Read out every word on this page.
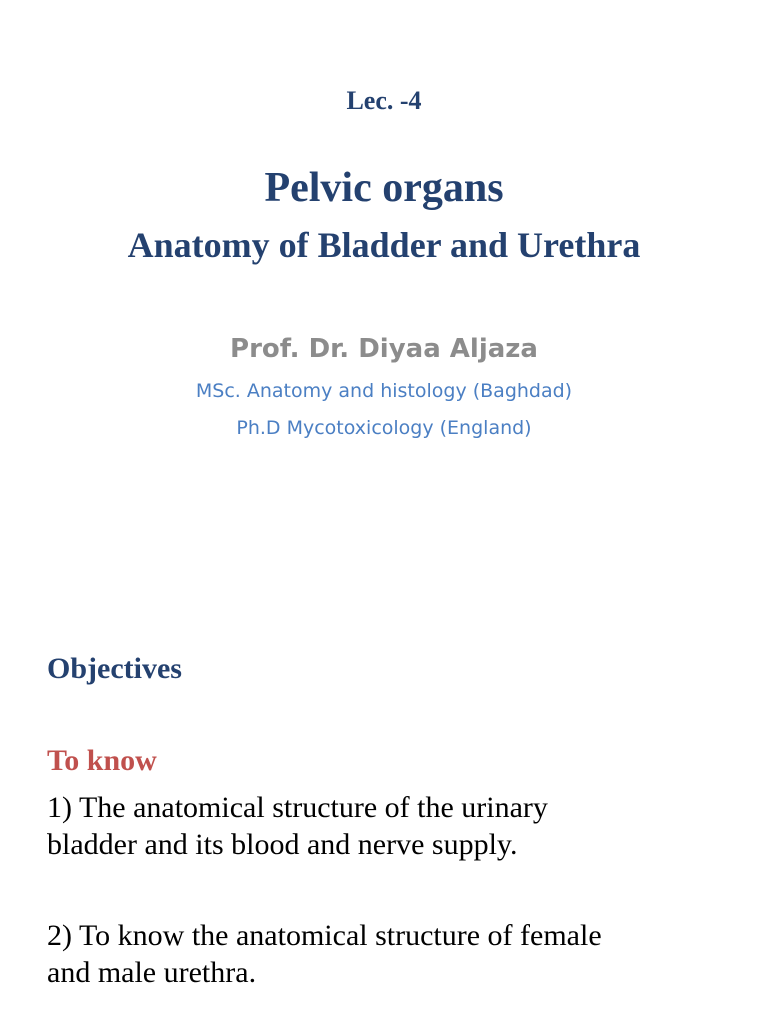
Lec. -4
Pelvic organs
Anatomy of Bladder and Urethra
Prof. Dr. Diyaa Aljaza
MSc. Anatomy and histology (Baghdad)
Ph.D Mycotoxicology (England)
Objectives
To know
1) The anatomical structure of the urinary
bladder and its blood and nerve supply.
2) To know the anatomical structure of female
and male urethra.
